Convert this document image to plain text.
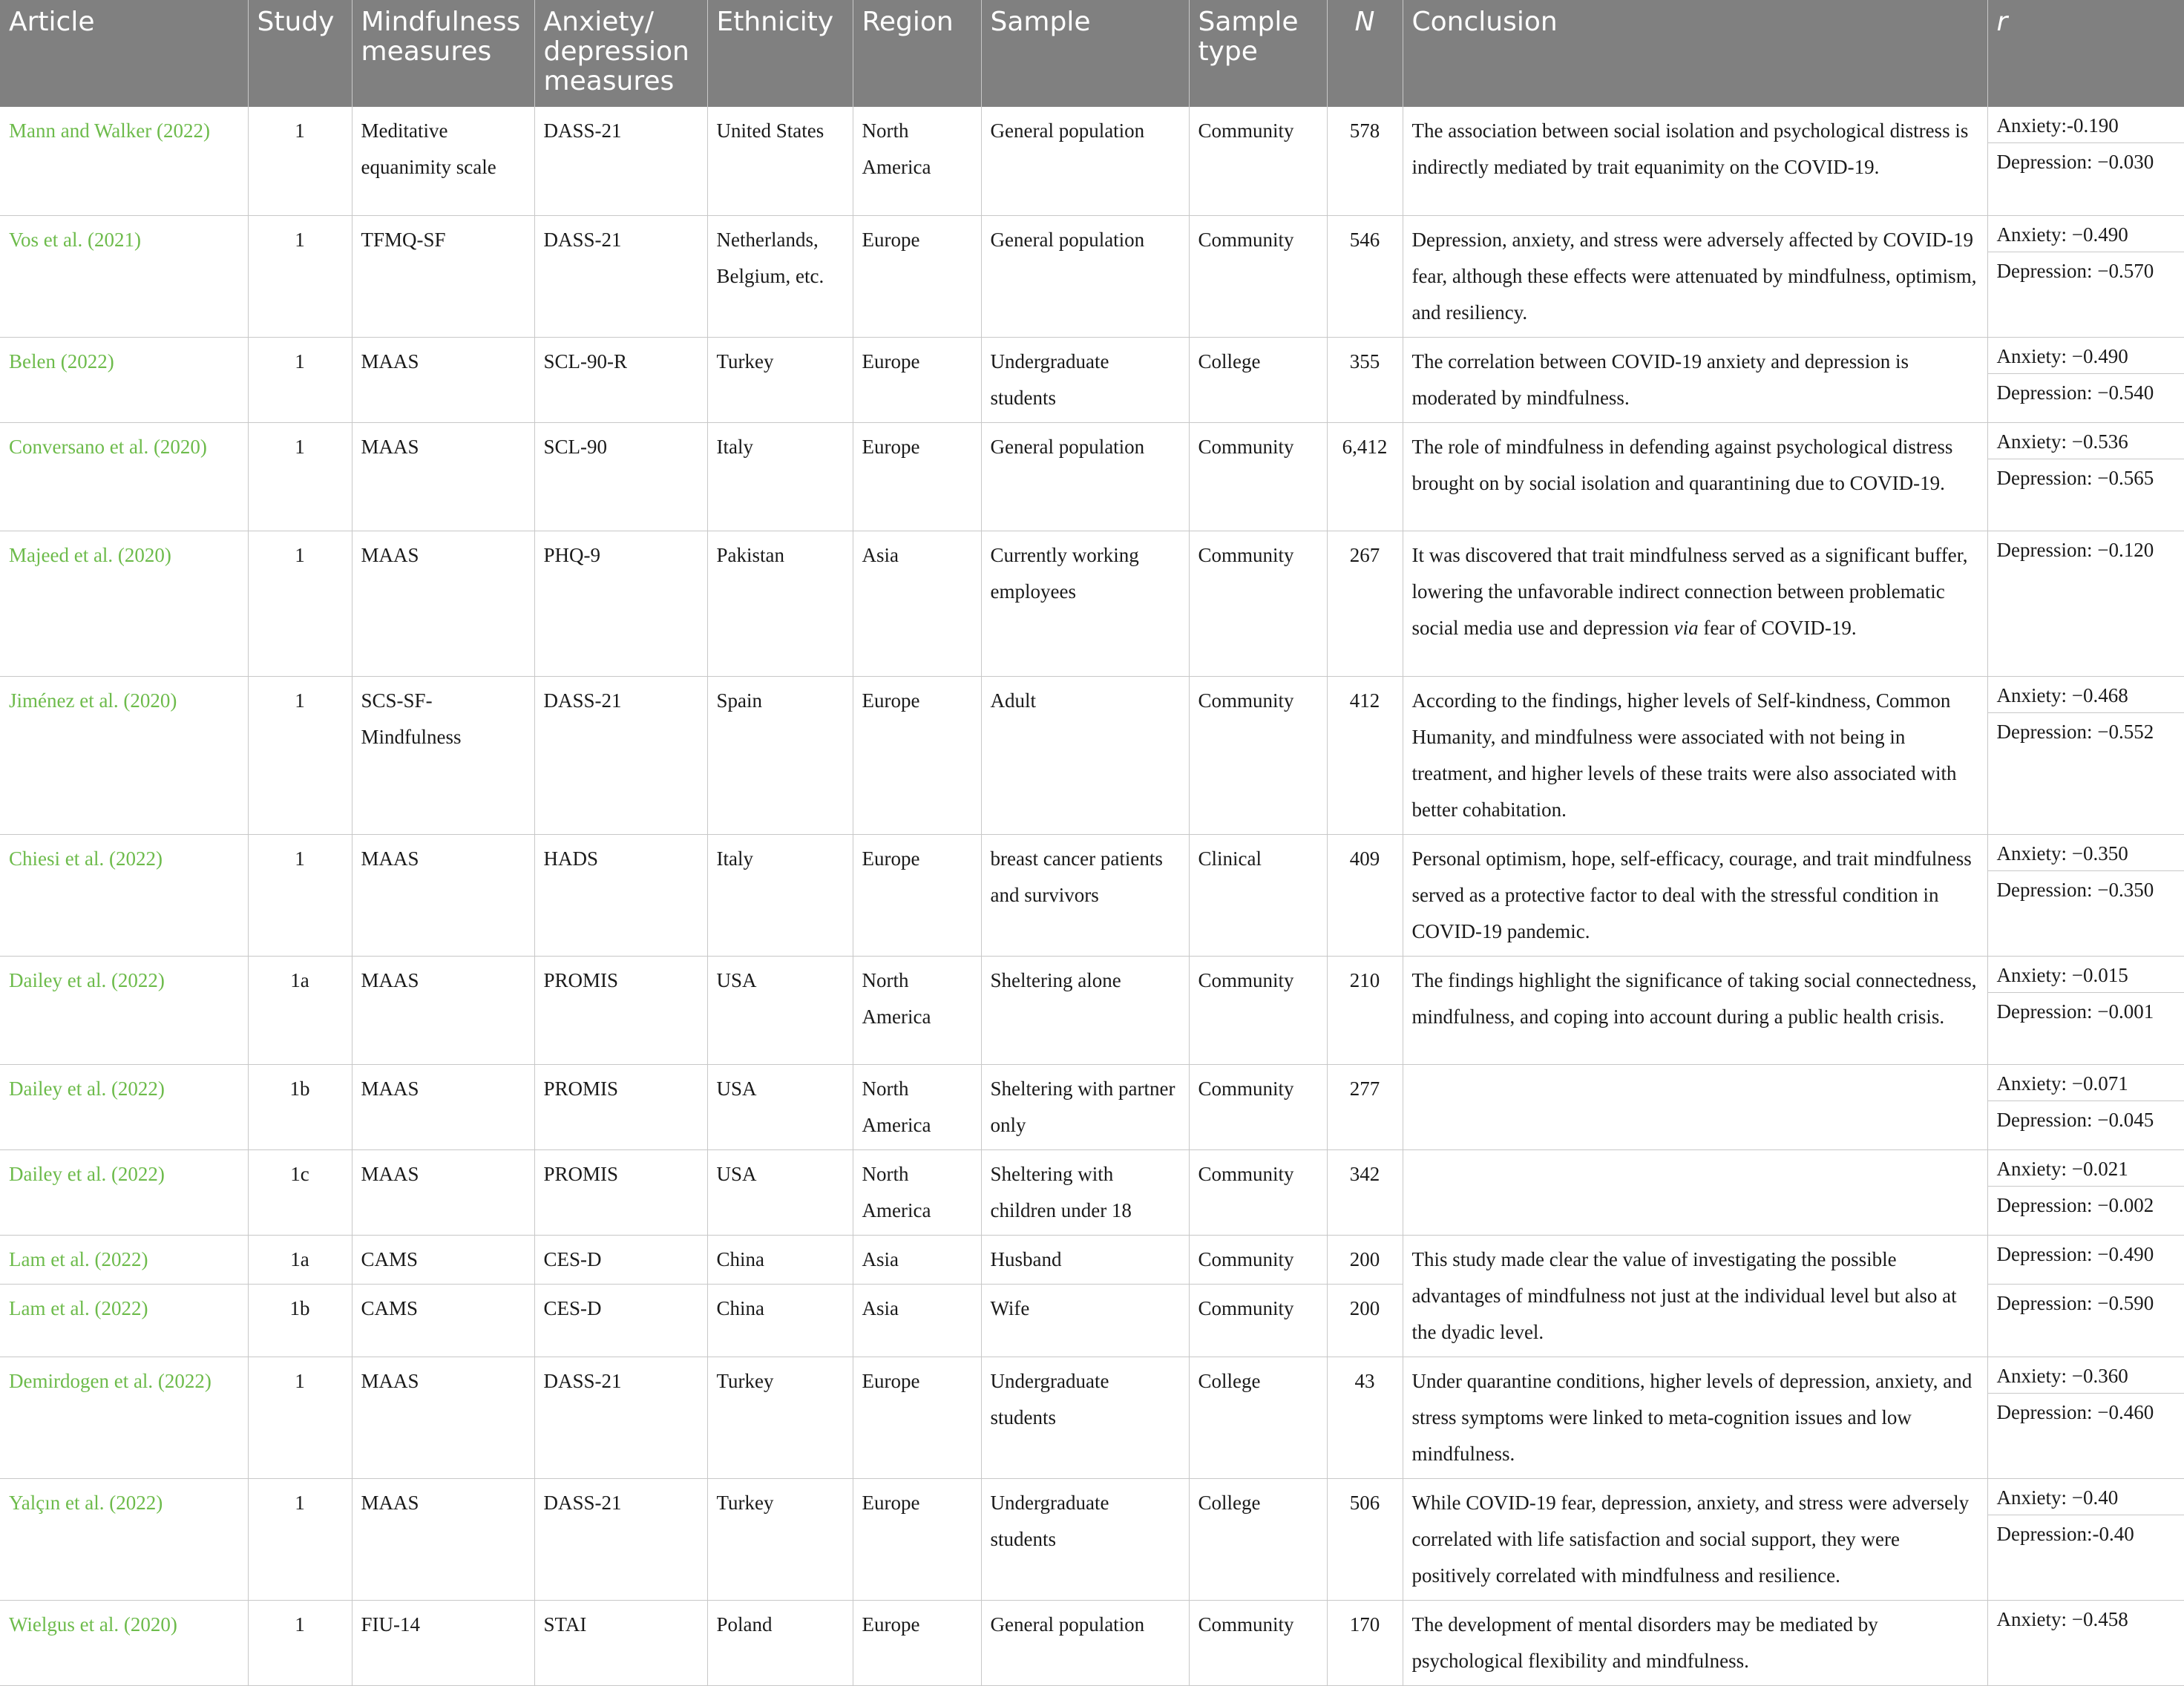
Article	Study	Mindfulness measures	Anxiety/ depression measures	Ethnicity	Region	Sample	Sample type	N	Conclusion	r
Mann and Walker (2022)	1	Meditative equanimity scale	DASS-21	United States	North America	General population	Community	578	The association between social isolation and psychological distress is indirectly mediated by trait equanimity on the COVID-19.	Anxiety:-0.190
Depression: −0.030

Vos et al. (2021)	1	TFMQ-SF	DASS-21	Netherlands, Belgium, etc.	Europe	General population	Community	546	Depression, anxiety, and stress were adversely affected by COVID-19 fear, although these effects were attenuated by mindfulness, optimism, and resiliency.	Anxiety: −0.490
Depression: −0.570

Belen (2022)	1	MAAS	SCL-90-R	Turkey	Europe	Undergraduate students	College	355	The correlation between COVID-19 anxiety and depression is moderated by mindfulness.	Anxiety: −0.490
Depression: −0.540

Conversano et al. (2020)	1	MAAS	SCL-90	Italy	Europe	General population	Community	6,412	The role of mindfulness in defending against psychological distress brought on by social isolation and quarantining due to COVID-19.	Anxiety: −0.536
Depression: −0.565

Majeed et al. (2020)	1	MAAS	PHQ-9	Pakistan	Asia	Currently working employees	Community	267	It was discovered that trait mindfulness served as a significant buffer, lowering the unfavorable indirect connection between problematic social media use and depression via fear of COVID-19.	Depression: −0.120

Jiménez et al. (2020)	1	SCS-SF-Mindfulness	DASS-21	Spain	Europe	Adult	Community	412	According to the findings, higher levels of Self-kindness, Common Humanity, and mindfulness were associated with not being in treatment, and higher levels of these traits were also associated with better cohabitation.	Anxiety: −0.468
Depression: −0.552

Chiesi et al. (2022)	1	MAAS	HADS	Italy	Europe	breast cancer patients and survivors	Clinical	409	Personal optimism, hope, self-efficacy, courage, and trait mindfulness served as a protective factor to deal with the stressful condition in COVID-19 pandemic.	Anxiety: −0.350
Depression: −0.350

Dailey et al. (2022)	1a	MAAS	PROMIS	USA	North America	Sheltering alone	Community	210	The findings highlight the significance of taking social connectedness, mindfulness, and coping into account during a public health crisis.	Anxiety: −0.015
Depression: −0.001

Dailey et al. (2022)	1b	MAAS	PROMIS	USA	North America	Sheltering with partner only	Community	277		Anxiety: −0.071
Depression: −0.045

Dailey et al. (2022)	1c	MAAS	PROMIS	USA	North America	Sheltering with children under 18	Community	342		Anxiety: −0.021
Depression: −0.002

Lam et al. (2022)	1a	CAMS	CES-D	China	Asia	Husband	Community	200	This study made clear the value of investigating the possible advantages of mindfulness not just at the individual level but also at the dyadic level.	Depression: −0.490

Lam et al. (2022)	1b	CAMS	CES-D	China	Asia	Wife	Community	200		Depression: −0.590

Demirdogen et al. (2022)	1	MAAS	DASS-21	Turkey	Europe	Undergraduate students	College	43	Under quarantine conditions, higher levels of depression, anxiety, and stress symptoms were linked to meta-cognition issues and low mindfulness.	Anxiety: −0.360
Depression: −0.460

Yalçın et al. (2022)	1	MAAS	DASS-21	Turkey	Europe	Undergraduate students	College	506	While COVID-19 fear, depression, anxiety, and stress were adversely correlated with life satisfaction and social support, they were positively correlated with mindfulness and resilience.	Anxiety: −0.40
Depression:-0.40

Wielgus et al. (2020)	1	FIU-14	STAI	Poland	Europe	General population	Community	170	The development of mental disorders may be mediated by psychological flexibility and mindfulness.	Anxiety: −0.458
